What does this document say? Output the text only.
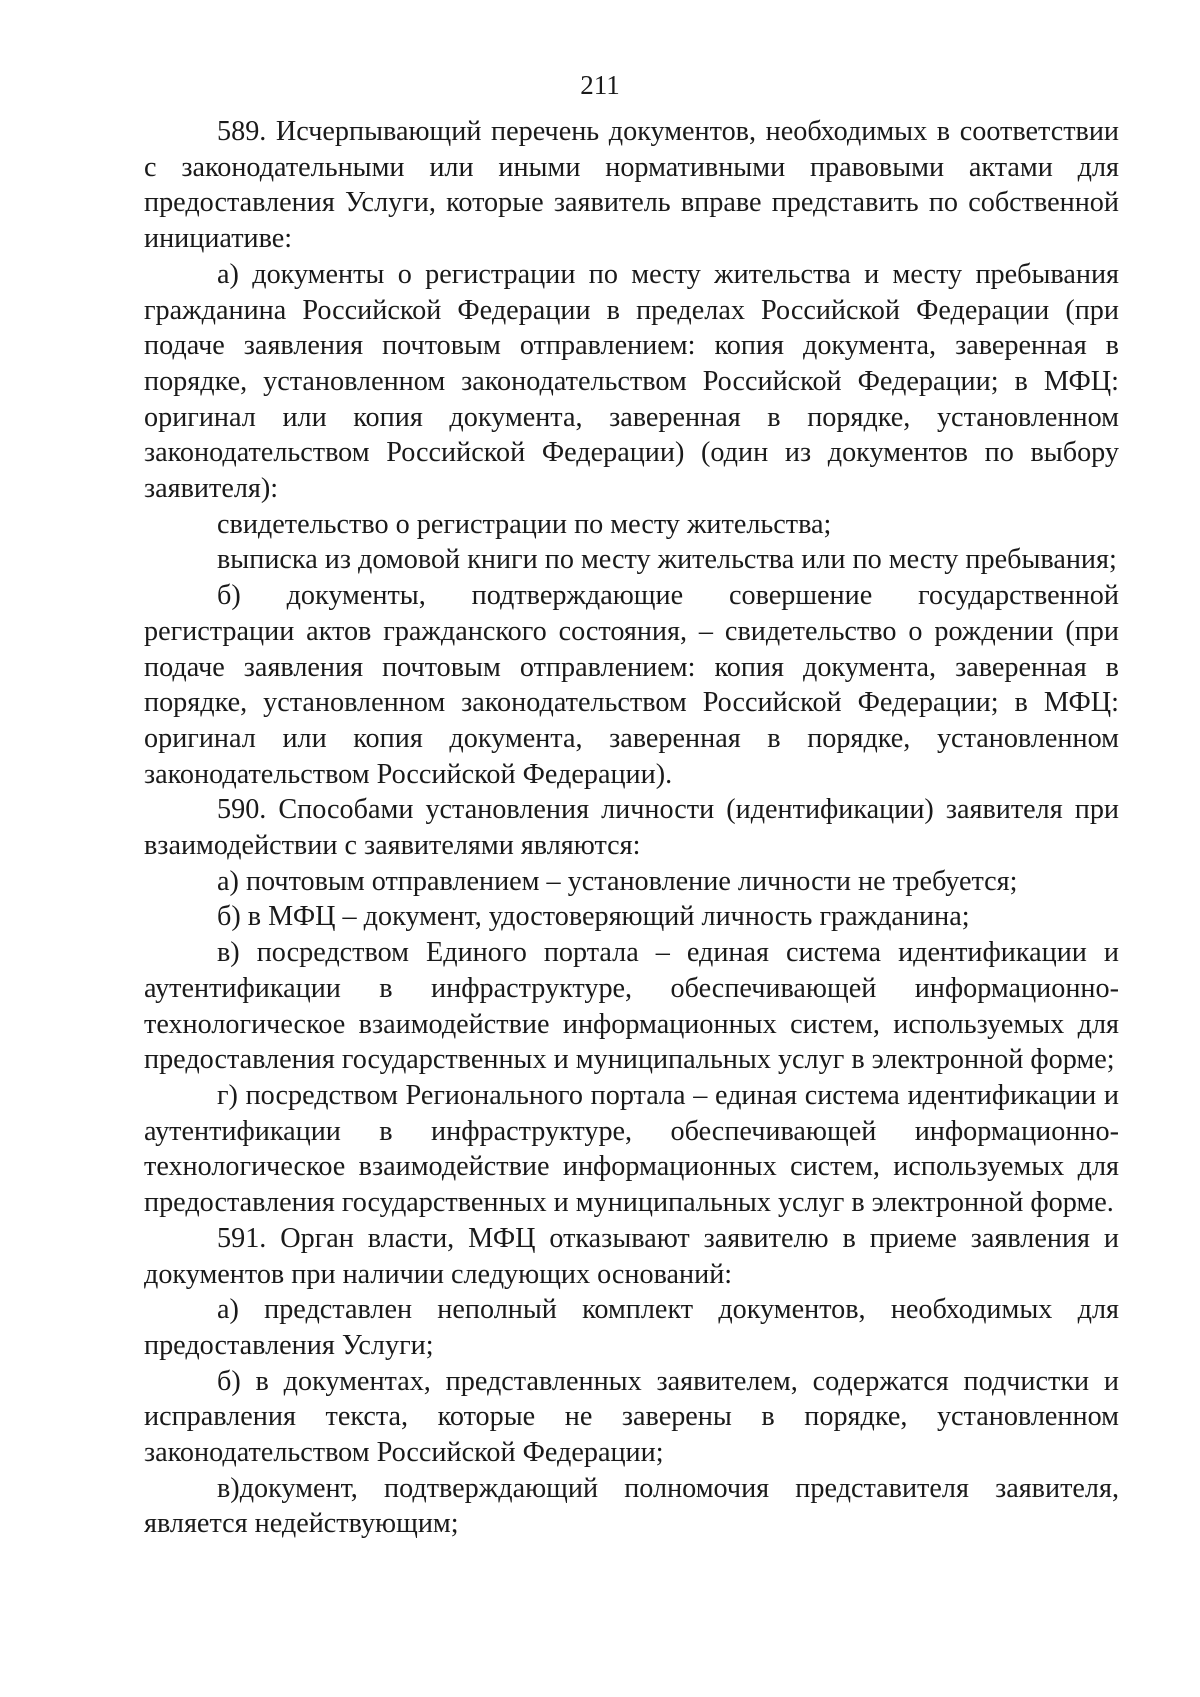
211

589. Исчерпывающий перечень документов, необходимых в соответствии с законодательными или иными нормативными правовыми актами для предоставления Услуги, которые заявитель вправе представить по собственной инициативе:

а) документы о регистрации по месту жительства и месту пребывания гражданина Российской Федерации в пределах Российской Федерации (при подаче заявления почтовым отправлением: копия документа, заверенная в порядке, установленном законодательством Российской Федерации; в МФЦ: оригинал или копия документа, заверенная в порядке, установленном законодательством Российской Федерации) (один из документов по выбору заявителя):

свидетельство о регистрации по месту жительства;

выписка из домовой книги по месту жительства или по месту пребывания;

б) документы, подтверждающие совершение государственной регистрации актов гражданского состояния, – свидетельство о рождении (при подаче заявления почтовым отправлением: копия документа, заверенная в порядке, установленном законодательством Российской Федерации; в МФЦ: оригинал или копия документа, заверенная в порядке, установленном законодательством Российской Федерации).

590. Способами установления личности (идентификации) заявителя при взаимодействии с заявителями являются:

а) почтовым отправлением – установление личности не требуется;

б) в МФЦ – документ, удостоверяющий личность гражданина;

в) посредством Единого портала – единая система идентификации и аутентификации в инфраструктуре, обеспечивающей информационно-технологическое взаимодействие информационных систем, используемых для предоставления государственных и муниципальных услуг в электронной форме;

г) посредством Регионального портала – единая система идентификации и аутентификации в инфраструктуре, обеспечивающей информационно-технологическое взаимодействие информационных систем, используемых для предоставления государственных и муниципальных услуг в электронной форме.

591. Орган власти, МФЦ отказывают заявителю в приеме заявления и документов при наличии следующих оснований:

а) представлен неполный комплект документов, необходимых для предоставления Услуги;

б) в документах, представленных заявителем, содержатся подчистки и исправления текста, которые не заверены в порядке, установленном законодательством Российской Федерации;

в)документ, подтверждающий полномочия представителя заявителя, является недействующим;
